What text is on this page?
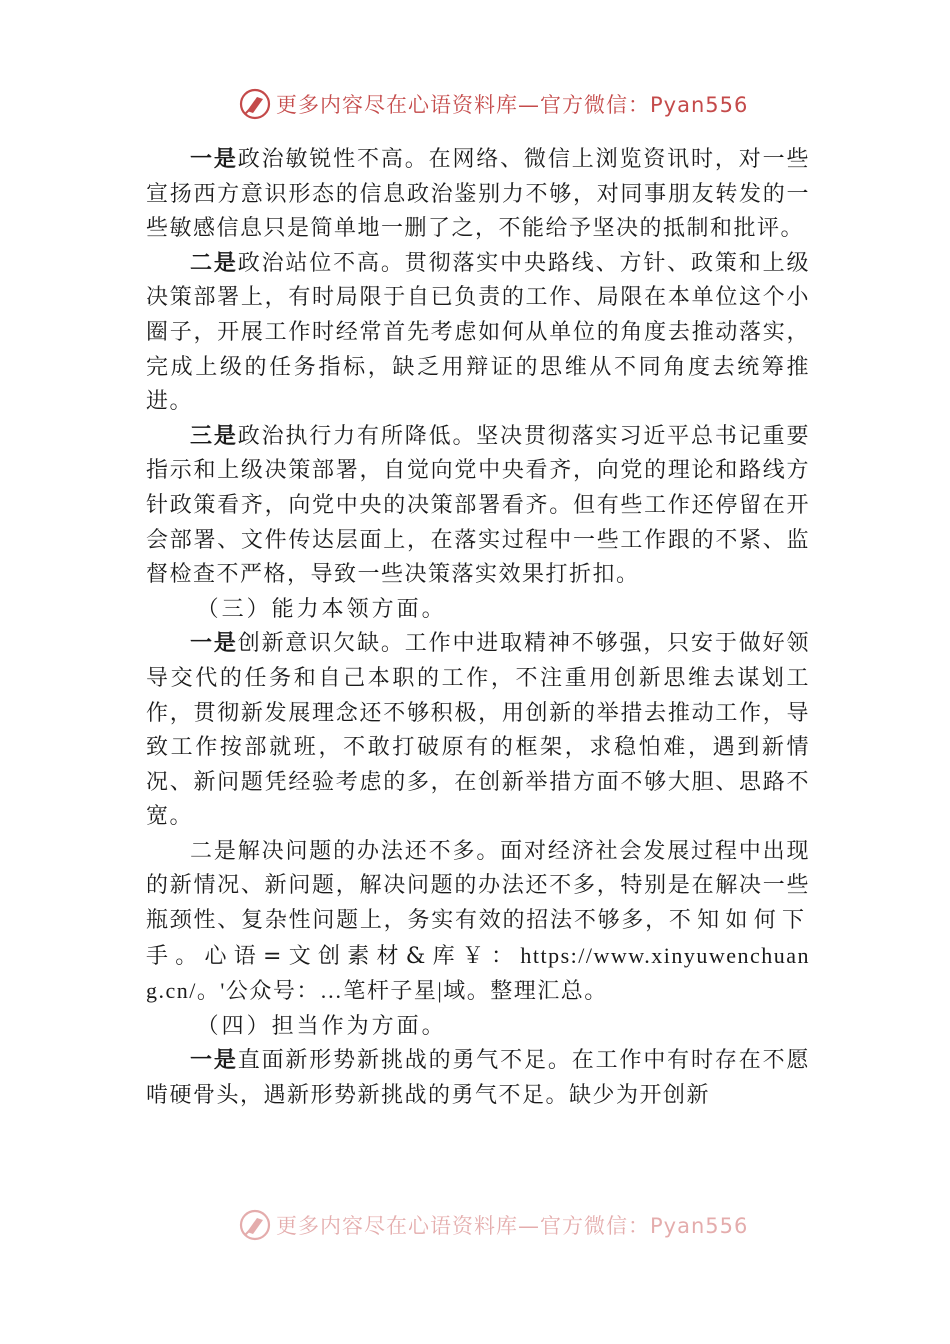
更多内容尽在心语资料库—官方微信：Pyan556

一是政治敏锐性不高。在网络、微信上浏览资讯时，对一些宣扬西方意识形态的信息政治鉴别力不够，对同事朋友转发的一些敏感信息只是简单地一删了之，不能给予坚决的抵制和批评。

二是政治站位不高。贯彻落实中央路线、方针、政策和上级决策部署上，有时局限于自已负责的工作、局限在本单位这个小圈子，开展工作时经常首先考虑如何从单位的角度去推动落实，完成上级的任务指标，缺乏用辩证的思维从不同角度去统筹推进。

三是政治执行力有所降低。坚决贯彻落实习近平总书记重要指示和上级决策部署，自觉向党中央看齐，向党的理论和路线方针政策看齐，向党中央的决策部署看齐。但有些工作还停留在开会部署、文件传达层面上，在落实过程中一些工作跟的不紧、监督检查不严格，导致一些决策落实效果打折扣。

（三）能力本领方面。

一是创新意识欠缺。工作中进取精神不够强，只安于做好领导交代的任务和自己本职的工作，不注重用创新思维去谋划工作，贯彻新发展理念还不够积极，用创新的举措去推动工作，导致工作按部就班，不敢打破原有的框架，求稳怕难，遇到新情况、新问题凭经验考虑的多，在创新举措方面不够大胆、思路不宽。

二是解决问题的办法还不多。面对经济社会发展过程中出现的新情况、新问题，解决问题的办法还不多，特别是在解决一些瓶颈性、复杂性问题上，务实有效的招法不够多，不知如何下手。心语=文创素材&库￥：https://www.xinyuwenchuang.cn/。'公众号：…笔杆子星|域。整理汇总。

（四）担当作为方面。

一是直面新形势新挑战的勇气不足。在工作中有时存在不愿啃硬骨头，遇新形势新挑战的勇气不足。缺少为开创新

更多内容尽在心语资料库—官方微信：Pyan556
